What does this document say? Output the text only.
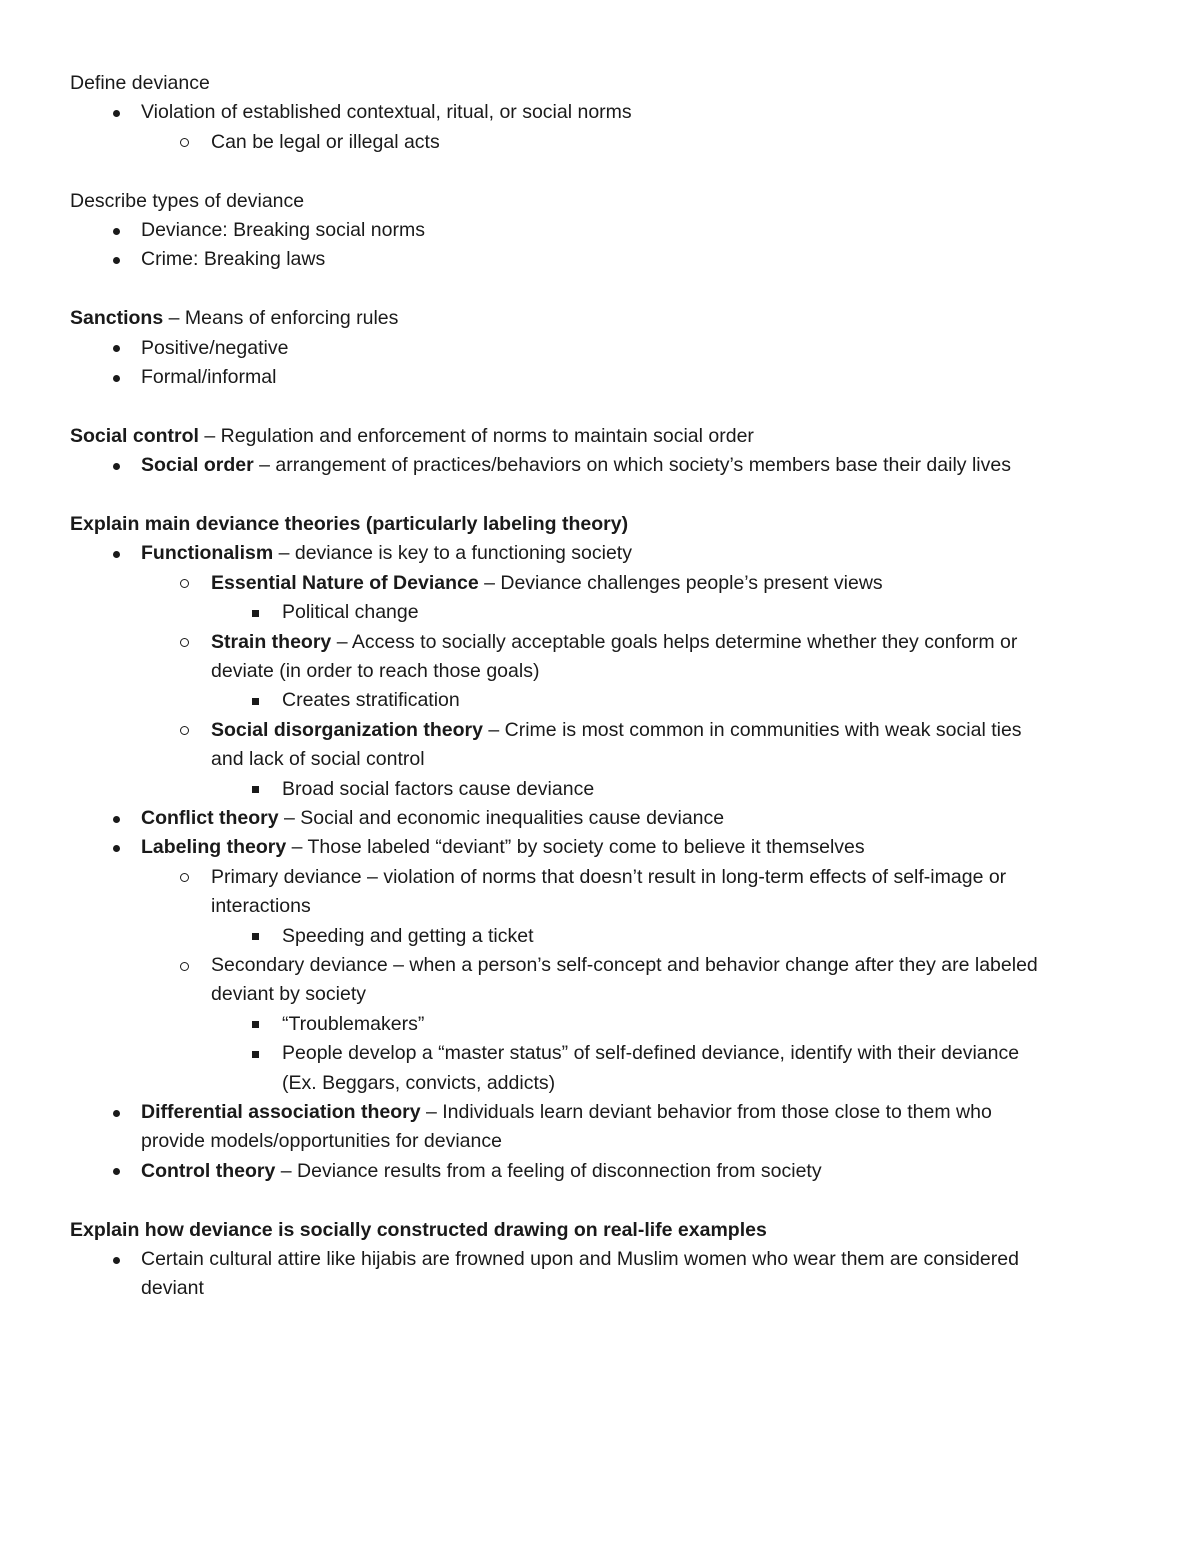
Define deviance
Violation of established contextual, ritual, or social norms
Can be legal or illegal acts
Describe types of deviance
Deviance: Breaking social norms
Crime: Breaking laws
Sanctions – Means of enforcing rules
Positive/negative
Formal/informal
Social control – Regulation and enforcement of norms to maintain social order
Social order – arrangement of practices/behaviors on which society’s members base their daily lives
Explain main deviance theories (particularly labeling theory)
Functionalism – deviance is key to a functioning society
Essential Nature of Deviance – Deviance challenges people’s present views
Political change
Strain theory – Access to socially acceptable goals helps determine whether they conform or
deviate (in order to reach those goals)
Creates stratification
Social disorganization theory – Crime is most common in communities with weak social ties
and lack of social control
Broad social factors cause deviance
Conflict theory – Social and economic inequalities cause deviance
Labeling theory – Those labeled “deviant” by society come to believe it themselves
Primary deviance – violation of norms that doesn’t result in long-term effects of self-image or
interactions
Speeding and getting a ticket
Secondary deviance – when a person’s self-concept and behavior change after they are labeled
deviant by society
“Troublemakers”
People develop a “master status” of self-defined deviance, identify with their deviance
(Ex. Beggars, convicts, addicts)
Differential association theory – Individuals learn deviant behavior from those close to them who
provide models/opportunities for deviance
Control theory – Deviance results from a feeling of disconnection from society
Explain how deviance is socially constructed drawing on real-life examples
Certain cultural attire like hijabis are frowned upon and Muslim women who wear them are considered
deviant
